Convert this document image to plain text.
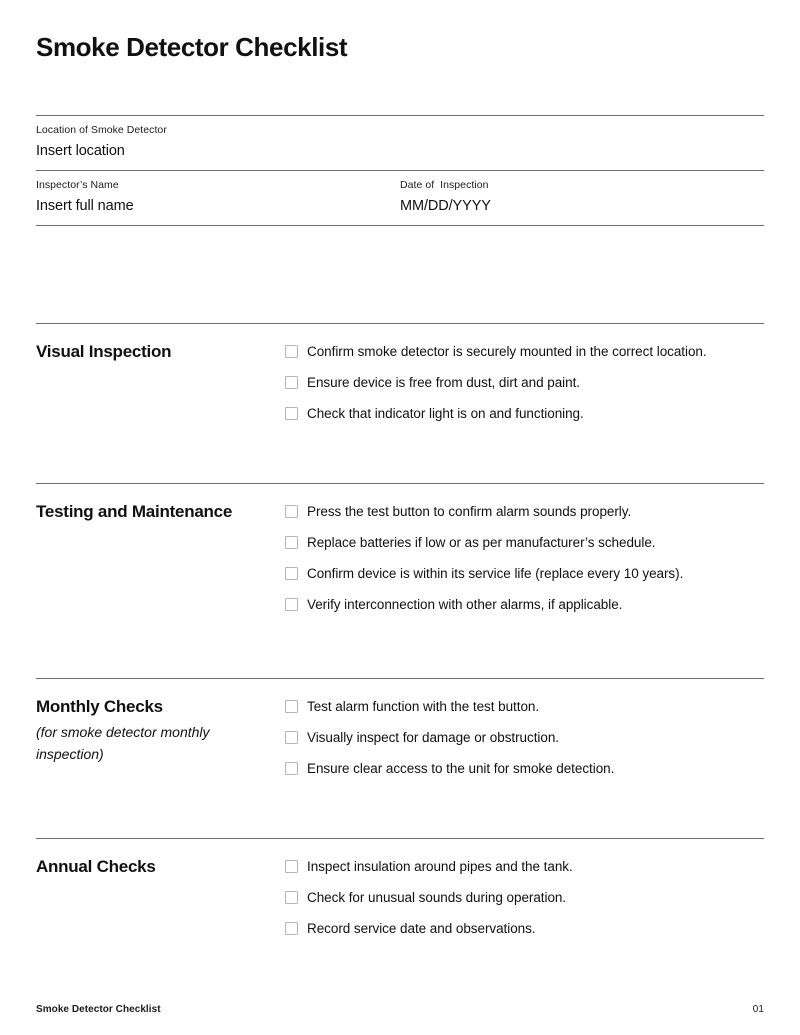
Smoke Detector Checklist
Location of Smoke Detector
Insert location
Inspector’s Name
Insert full name
Date of  Inspection
MM/DD/YYYY
Visual Inspection	Confirm smoke detector is securely mounted in the correct location.
Ensure device is free from dust, dirt and paint.
Check that indicator light is on and functioning.
Testing and Maintenance	Press the test button to confirm alarm sounds properly.
Replace batteries if low or as per manufacturer’s schedule.
Confirm device is within its service life (replace every 10 years).
Verify interconnection with other alarms, if applicable.
Monthly Checks
(for smoke detector monthly inspection)
Test alarm function with the test button.
Visually inspect for damage or obstruction.
Ensure clear access to the unit for smoke detection.
Annual Checks	Inspect insulation around pipes and the tank.
Check for unusual sounds during operation.
Record service date and observations.
Smoke Detector Checklist	01
